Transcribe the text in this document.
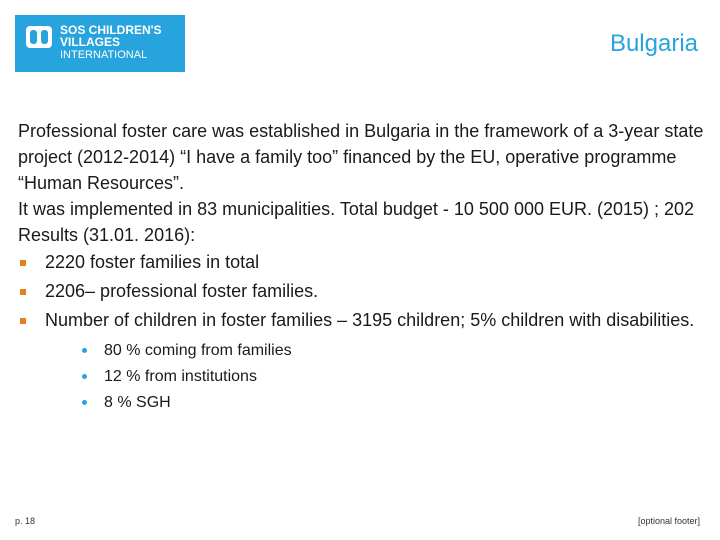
SOS CHILDREN'S
VILLAGES
INTERNATIONAL	Bulgaria

Professional foster care was established in Bulgaria in the framework of a 3-year state project (2012-2014) “I have a family too” financed by the EU, operative programme “Human Resources”.

It was implemented in 83 municipalities. Total budget - 10 500 000 EUR. (2015) ; 202

Results (31.01. 2016):

2220 foster families in total
2206– professional foster families.
Number of children in foster families – 3195 children; 5% children with disabilities.
80 % coming from families
12 % from institutions
8 % SGH
p. 18	[optional footer]
